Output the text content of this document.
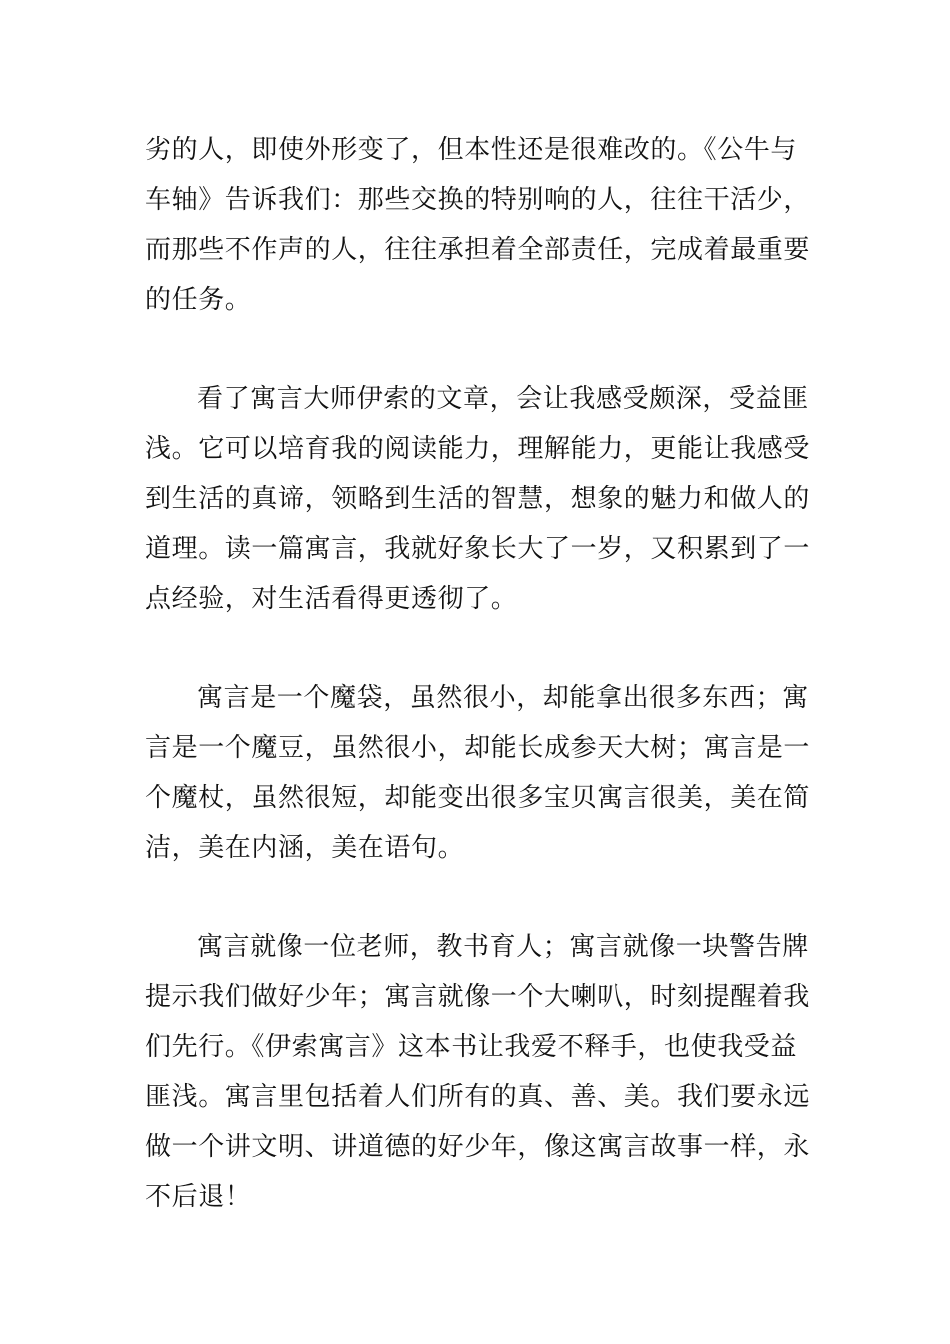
劣的人，即使外形变了，但本性还是很难改的。《公牛与
车轴》告诉我们：那些交换的特别响的人，往往干活少，
而那些不作声的人，往往承担着全部责任，完成着最重要
的任务。
看了寓言大师伊索的文章，会让我感受颇深，受益匪
浅。它可以培育我的阅读能力，理解能力，更能让我感受
到生活的真谛，领略到生活的智慧，想象的魅力和做人的
道理。读一篇寓言，我就好象长大了一岁，又积累到了一
点经验，对生活看得更透彻了。
寓言是一个魔袋，虽然很小，却能拿出很多东西；寓
言是一个魔豆，虽然很小，却能长成参天大树；寓言是一
个魔杖，虽然很短，却能变出很多宝贝寓言很美，美在简
洁，美在内涵，美在语句。
寓言就像一位老师，教书育人；寓言就像一块警告牌
提示我们做好少年；寓言就像一个大喇叭，时刻提醒着我
们先行。《伊索寓言》这本书让我爱不释手，也使我受益
匪浅。寓言里包括着人们所有的真、善、美。我们要永远
做一个讲文明、讲道德的好少年，像这寓言故事一样，永
不后退！
